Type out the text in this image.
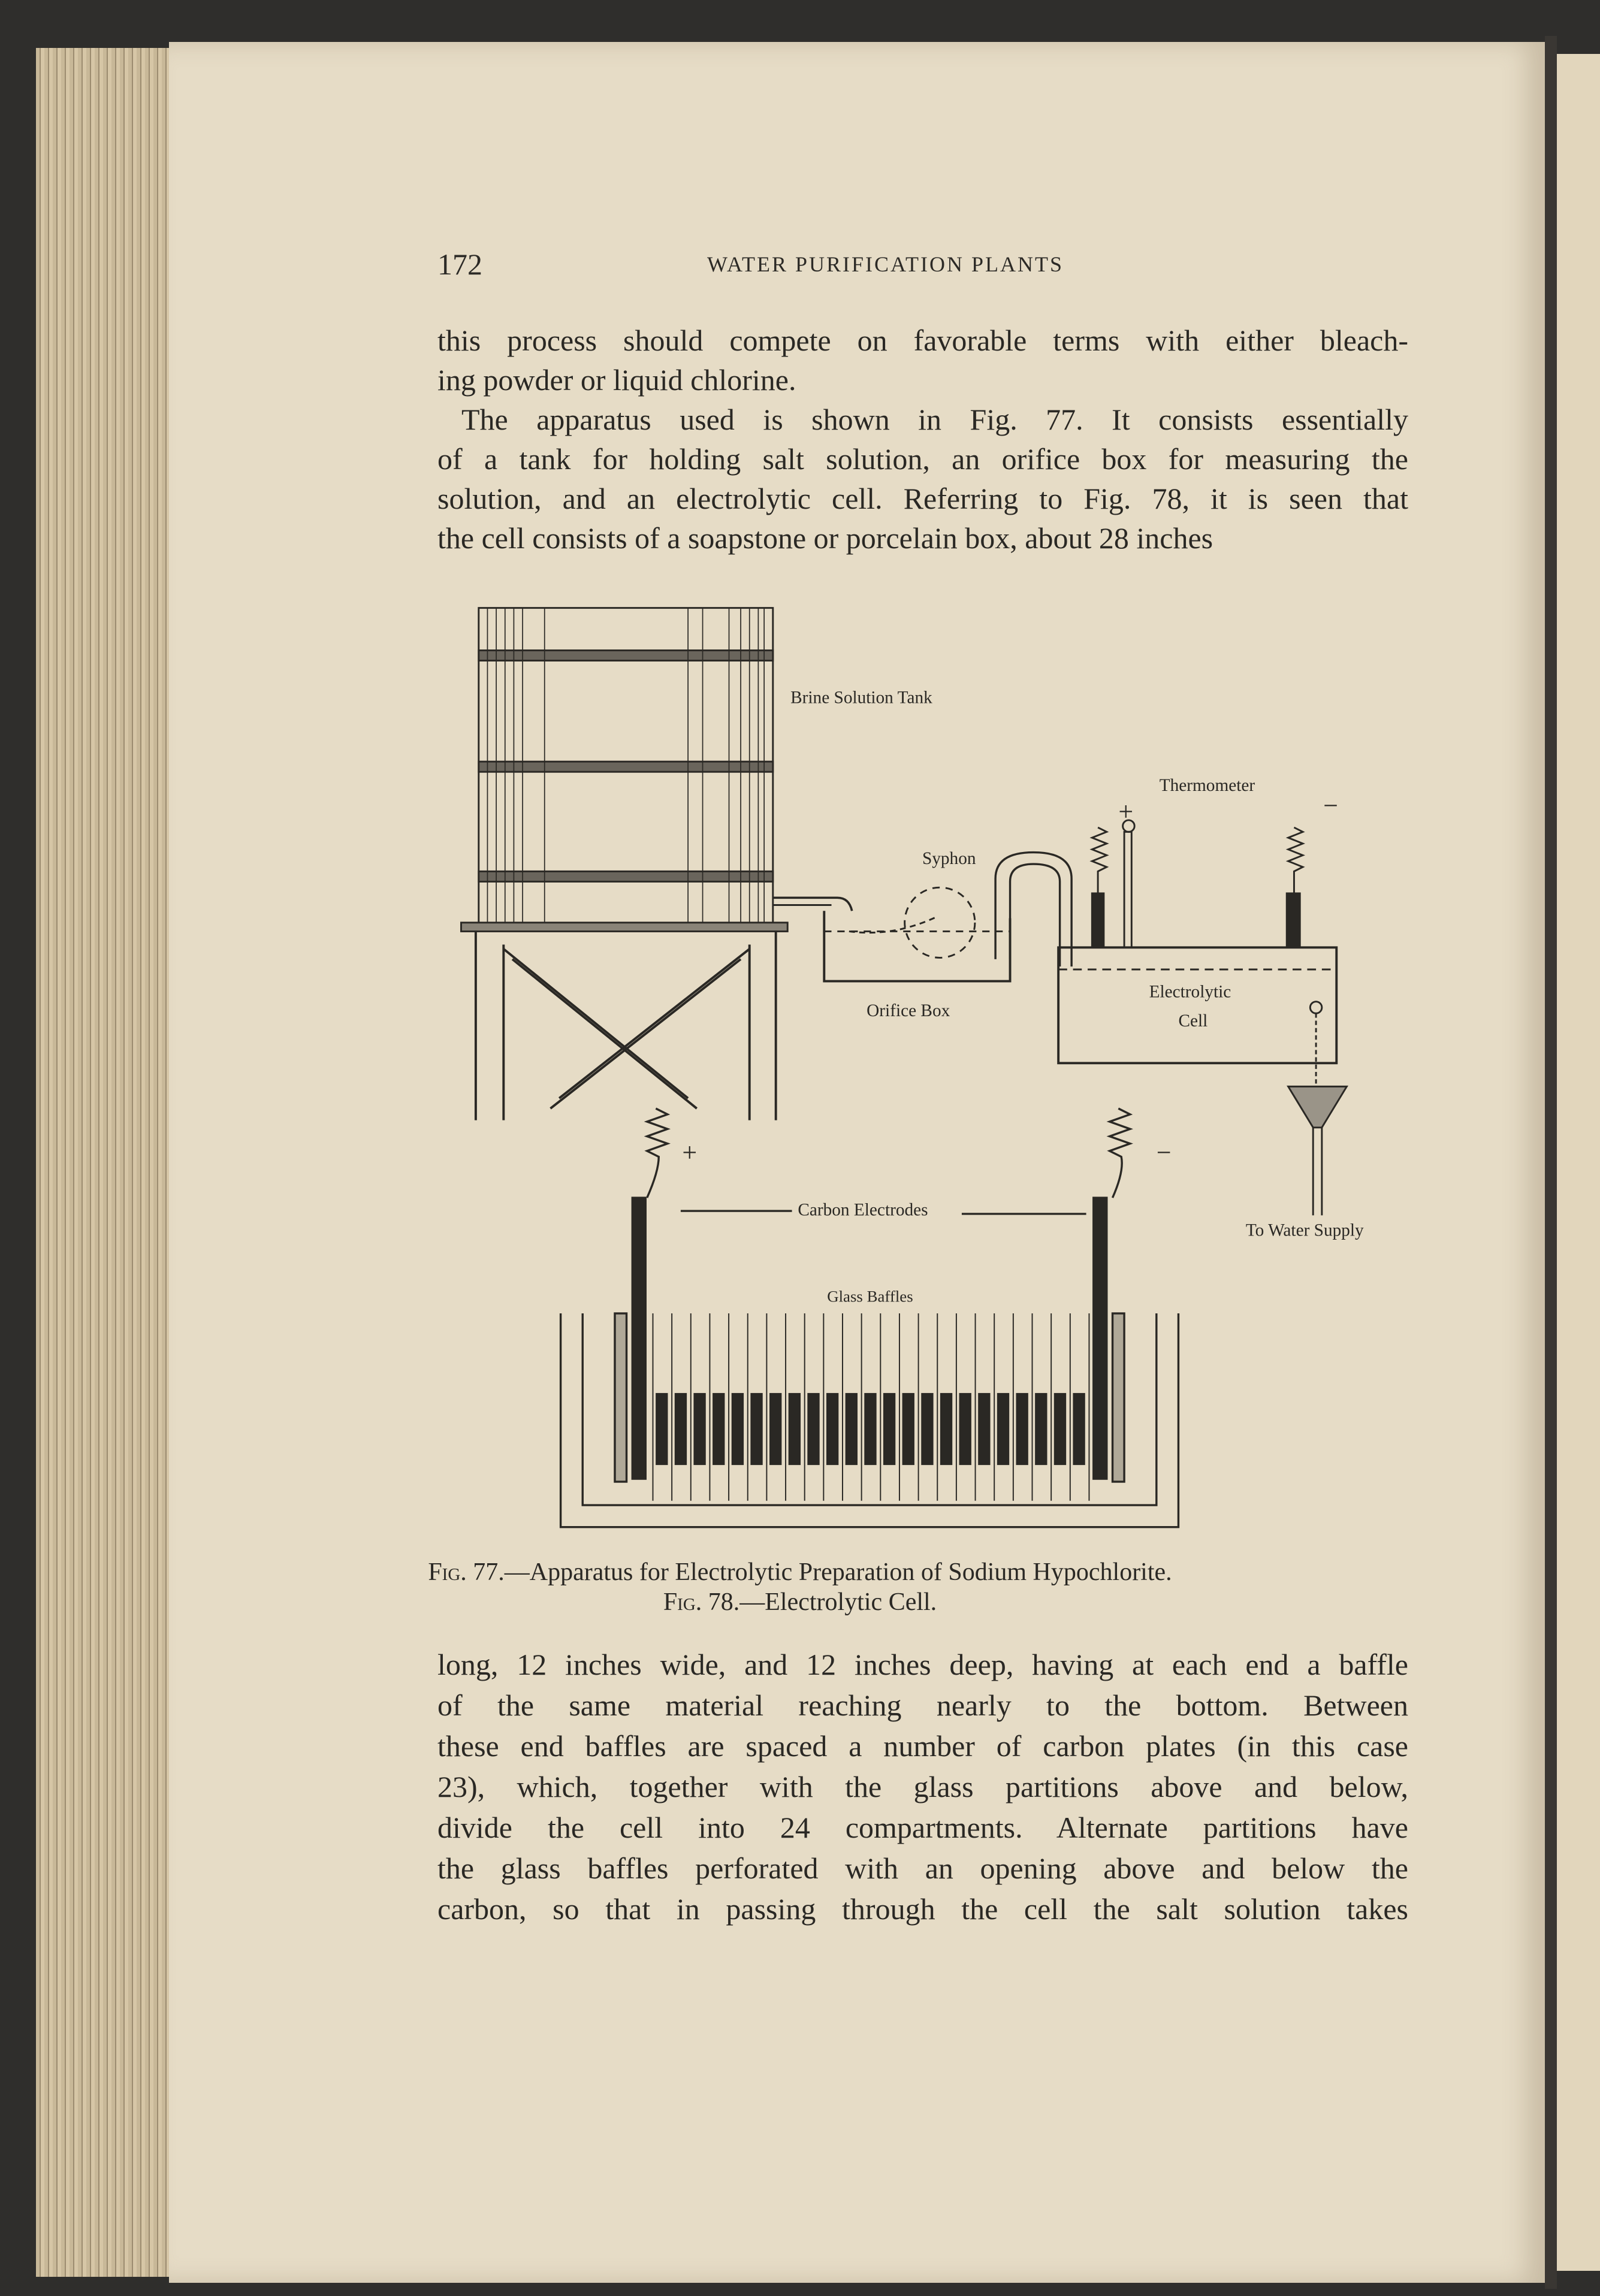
172	WATER PURIFICATION PLANTS
this process should compete on favorable terms with either bleach-
ing powder or liquid chlorine.
The apparatus used is shown in Fig. 77. It consists essentially
of a tank for holding salt solution, an orifice box for measuring the
solution, and an electrolytic cell. Referring to Fig. 78, it is seen that
the cell consists of a soapstone or porcelain box, about 28 inches
Brine Solution Tank
Thermometer
Syphon
Orifice Box
Electrolytic
Cell
To Water Supply
Carbon Electrodes
Glass Baffles
+	−
+	−
Fig. 77.—Apparatus for Electrolytic Preparation of Sodium Hypochlorite.
Fig. 78.—Electrolytic Cell.
long, 12 inches wide, and 12 inches deep, having at each end a baffle
of the same material reaching nearly to the bottom. Between
these end baffles are spaced a number of carbon plates (in this case
23), which, together with the glass partitions above and below,
divide the cell into 24 compartments. Alternate partitions have
the glass baffles perforated with an opening above and below the
carbon, so that in passing through the cell the salt solution takes
